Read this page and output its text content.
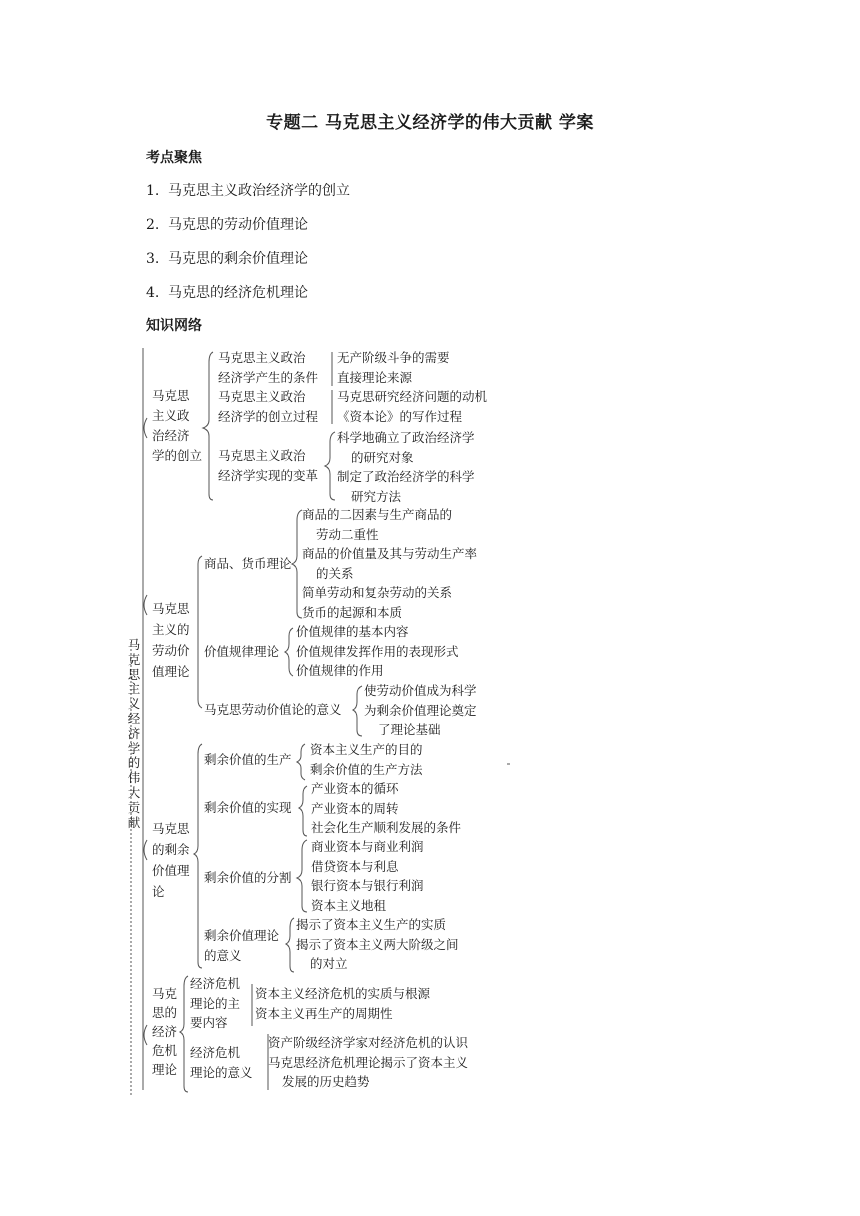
专题二 马克思主义经济学的伟大贡献 学案
考点聚焦
1. 马克思主义政治经济学的创立
2. 马克思的劳动价值理论
3. 马克思的剩余价值理论
4. 马克思的经济危机理论
知识网络
马
克
思
主
义
经
济
学
的
伟
大
贡
献
马克思
主义政
治经济
学的创立
马克思主义政治
经济学产生的条件
无产阶级斗争的需要
直接理论来源
马克思主义政治
经济学的创立过程
马克思研究经济问题的动机
《资本论》的写作过程
马克思主义政治
经济学实现的变革
科学地确立了政治经济学
的研究对象
制定了政治经济学的科学
研究方法
马克思
主义的
劳动价
值理论
商品、货币理论
商品的二因素与生产商品的
劳动二重性
商品的价值量及其与劳动生产率
的关系
简单劳动和复杂劳动的关系
货币的起源和本质
价值规律理论
价值规律的基本内容
价值规律发挥作用的表现形式
价值规律的作用
马克思劳动价值论的意义
使劳动价值成为科学
为剩余价值理论奠定
了理论基础
马克思
的剩余
价值理
论
剩余价值的生产
资本主义生产的目的
剩余价值的生产方法
剩余价值的实现
产业资本的循环
产业资本的周转
社会化生产顺利发展的条件
剩余价值的分割
商业资本与商业利润
借贷资本与利息
银行资本与银行利润
资本主义地租
剩余价值理论
的意义
揭示了资本主义生产的实质
揭示了资本主义两大阶级之间
的对立
马克
思的
经济
危机
理论
经济危机
理论的主
要内容
资本主义经济危机的实质与根源
资本主义再生产的周期性
经济危机
理论的意义
资产阶级经济学家对经济危机的认识
马克思经济危机理论揭示了资本主义
发展的历史趋势
